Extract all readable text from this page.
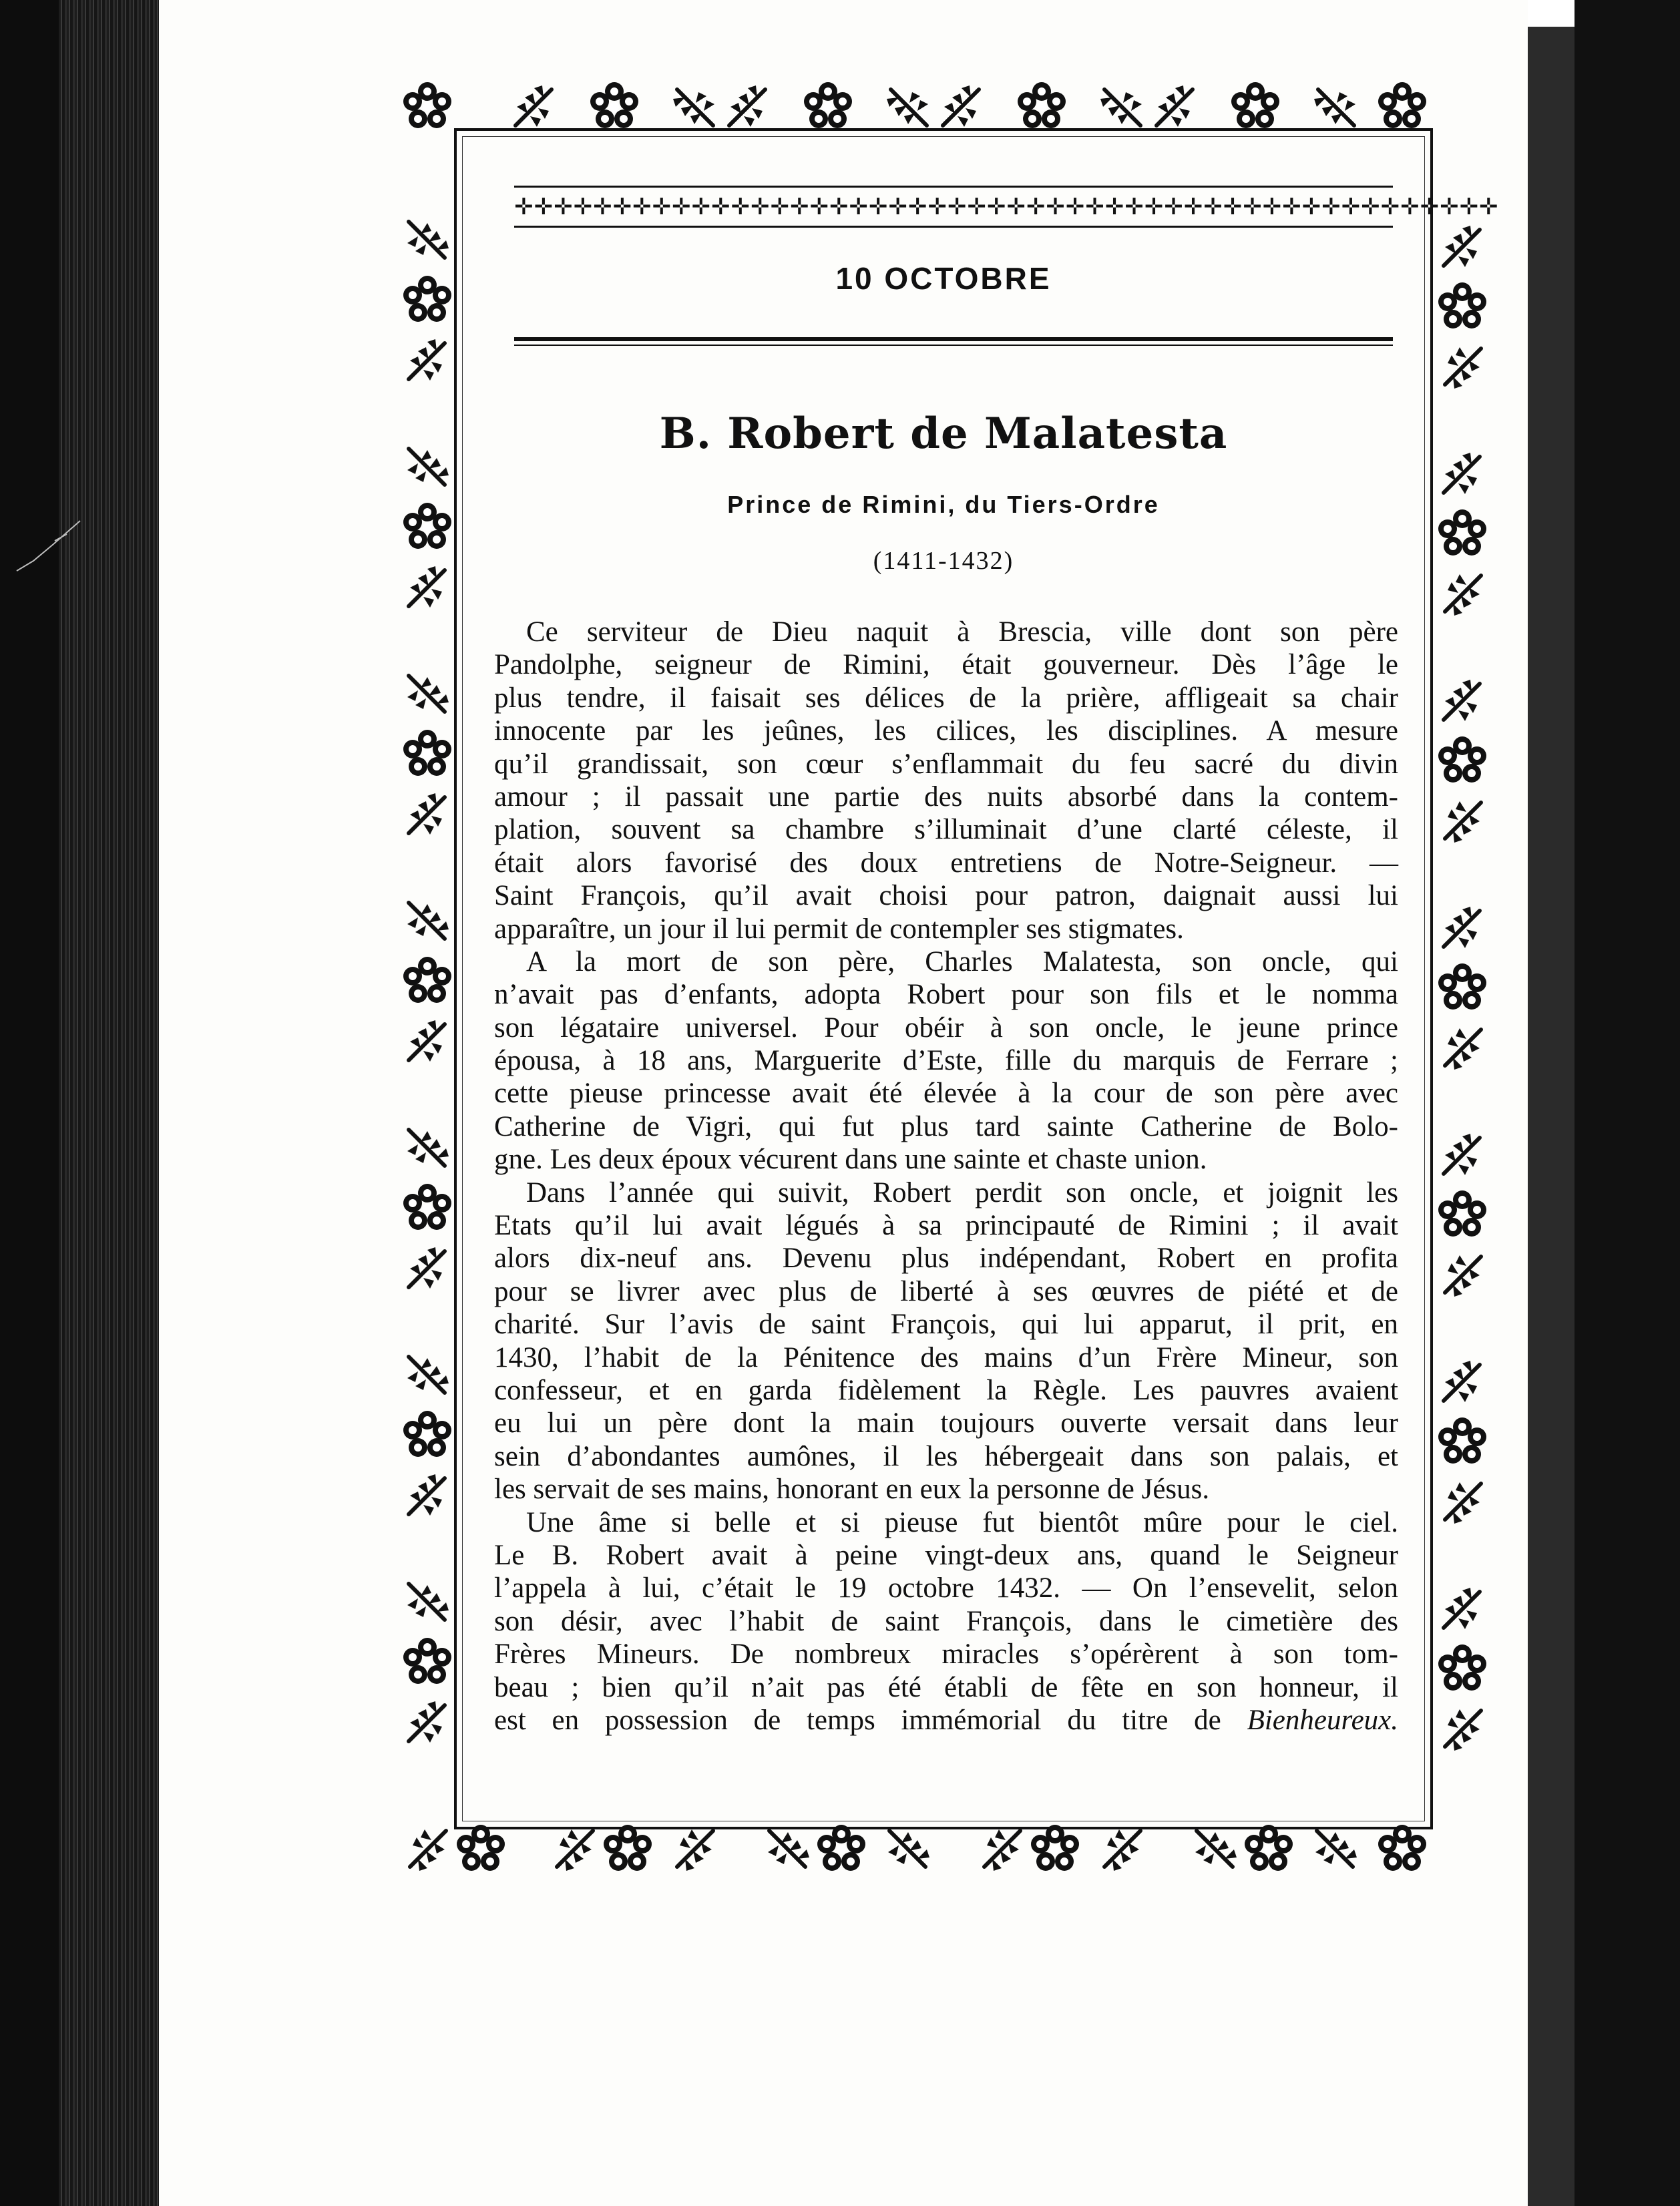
✛✛✛✛✛✛✛✛✛✛✛✛✛✛✛✛✛✛✛✛✛✛✛✛✛✛✛✛✛✛✛✛✛✛✛✛✛✛✛✛✛✛✛✛✛✛✛✛✛✛
10 OCTOBRE
B. Robert de Malatesta
Prince de Rimini, du Tiers-Ordre
(1411-1432)
Ce serviteur de Dieu naquit à Brescia, ville dont son père
Pandolphe, seigneur de Rimini, était gouverneur. Dès l’âge le
plus tendre, il faisait ses délices de la prière, affligeait sa chair
innocente par les jeûnes, les cilices, les disciplines. A mesure
qu’il grandissait, son cœur s’enflammait du feu sacré du divin
amour ; il passait une partie des nuits absorbé dans la contem-
plation, souvent sa chambre s’illuminait d’une clarté céleste, il
était alors favorisé des doux entretiens de Notre-Seigneur. —
Saint François, qu’il avait choisi pour patron, daignait aussi lui
apparaître, un jour il lui permit de contempler ses stigmates.
A la mort de son père, Charles Malatesta, son oncle, qui
n’avait pas d’enfants, adopta Robert pour son fils et le nomma
son légataire universel. Pour obéir à son oncle, le jeune prince
épousa, à 18 ans, Marguerite d’Este, fille du marquis de Ferrare ;
cette pieuse princesse avait été élevée à la cour de son père avec
Catherine de Vigri, qui fut plus tard sainte Catherine de Bolo-
gne. Les deux époux vécurent dans une sainte et chaste union.
Dans l’année qui suivit, Robert perdit son oncle, et joignit les
Etats qu’il lui avait légués à sa principauté de Rimini ; il avait
alors dix-neuf ans. Devenu plus indépendant, Robert en profita
pour se livrer avec plus de liberté à ses œuvres de piété et de
charité. Sur l’avis de saint François, qui lui apparut, il prit, en
1430, l’habit de la Pénitence des mains d’un Frère Mineur, son
confesseur, et en garda fidèlement la Règle. Les pauvres avaient
eu lui un père dont la main toujours ouverte versait dans leur
sein d’abondantes aumônes, il les hébergeait dans son palais, et
les servait de ses mains, honorant en eux la personne de Jésus.
Une âme si belle et si pieuse fut bientôt mûre pour le ciel.
Le B. Robert avait à peine vingt-deux ans, quand le Seigneur
l’appela à lui, c’était le 19 octobre 1432. — On l’ensevelit, selon
son désir, avec l’habit de saint François, dans le cimetière des
Frères Mineurs. De nombreux miracles s’opérèrent à son tom-
beau ; bien qu’il n’ait pas été établi de fête en son honneur, il
est en possession de temps immémorial du titre de Bienheureux.
